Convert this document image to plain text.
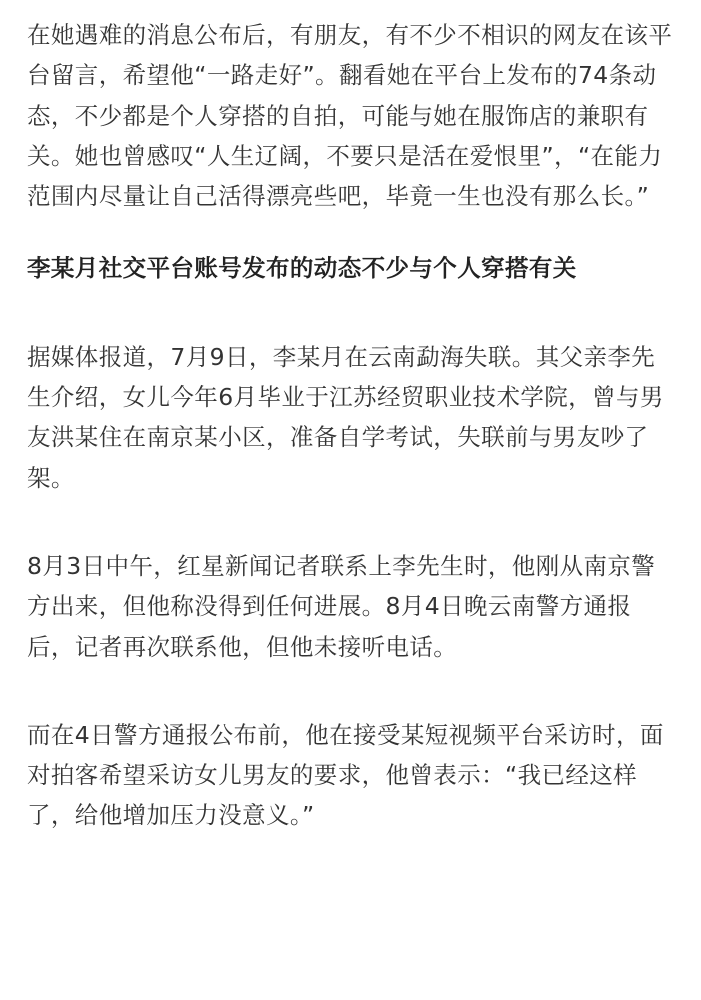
在她遇难的消息公布后，有朋友，有不少不相识的网友在该平台留言，希望他“一路走好”。翻看她在平台上发布的74条动态，不少都是个人穿搭的自拍，可能与她在服饰店的兼职有关。她也曾感叹“人生辽阔，不要只是活在爱恨里”，“在能力范围内尽量让自己活得漂亮些吧，毕竟一生也没有那么长。”

李某月社交平台账号发布的动态不少与个人穿搭有关

据媒体报道，7月9日，李某月在云南勐海失联。其父亲李先生介绍，女儿今年6月毕业于江苏经贸职业技术学院，曾与男友洪某住在南京某小区，准备自学考试，失联前与男友吵了架。

8月3日中午，红星新闻记者联系上李先生时，他刚从南京警方出来，但他称没得到任何进展。8月4日晚云南警方通报后，记者再次联系他，但他未接听电话。

而在4日警方通报公布前，他在接受某短视频平台采访时，面对拍客希望采访女儿男友的要求，他曾表示：“我已经这样了，给他增加压力没意义。”
